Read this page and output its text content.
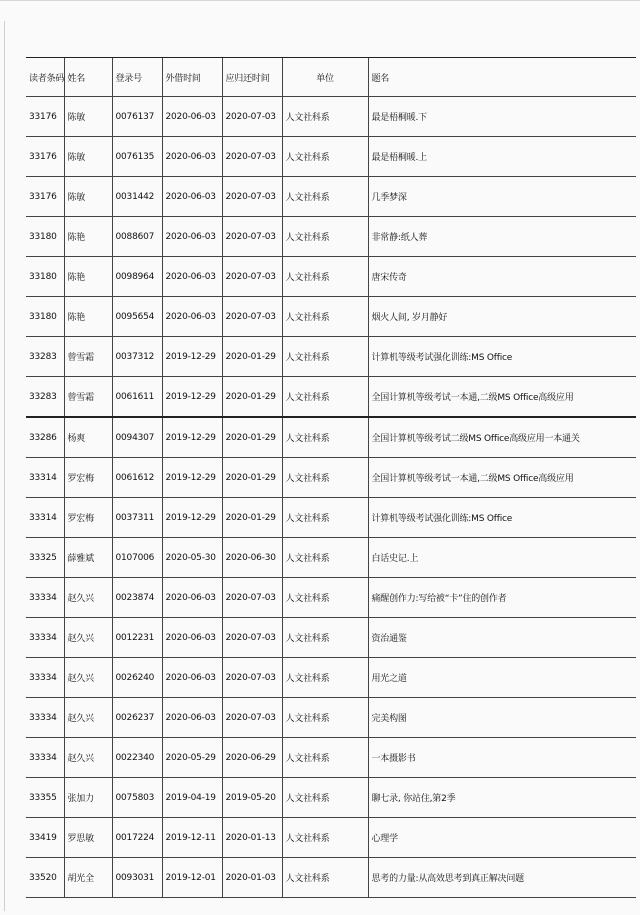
读者条码	姓名	登录号	外借时间	应归还时间	单位	题名
33176	陈敏	0076137	2020-06-03	2020-07-03	人文社科系	最是梧桐暖.下
33176	陈敏	0076135	2020-06-03	2020-07-03	人文社科系	最是梧桐暖.上
33176	陈敏	0031442	2020-06-03	2020-07-03	人文社科系	几季梦深
33180	陈艳	0088607	2020-06-03	2020-07-03	人文社科系	非常静:纸人葬
33180	陈艳	0098964	2020-06-03	2020-07-03	人文社科系	唐宋传奇
33180	陈艳	0095654	2020-06-03	2020-07-03	人文社科系	烟火人间, 岁月静好
33283	曾雪霜	0037312	2019-12-29	2020-01-29	人文社科系	计算机等级考试强化训练:MS Office
33283	曾雪霜	0061611	2019-12-29	2020-01-29	人文社科系	全国计算机等级考试一本通,二级MS Office高级应用
33286	杨爽	0094307	2019-12-29	2020-01-29	人文社科系	全国计算机等级考试二级MS Office高级应用一本通关
33314	罗宏梅	0061612	2019-12-29	2020-01-29	人文社科系	全国计算机等级考试一本通,二级MS Office高级应用
33314	罗宏梅	0037311	2019-12-29	2020-01-29	人文社科系	计算机等级考试强化训练:MS Office
33325	薛雅斌	0107006	2020-05-30	2020-06-30	人文社科系	白话史记.上
33334	赵久兴	0023874	2020-06-03	2020-07-03	人文社科系	痛醒创作力:写给被“卡”住的创作者
33334	赵久兴	0012231	2020-06-03	2020-07-03	人文社科系	资治通鉴
33334	赵久兴	0026240	2020-06-03	2020-07-03	人文社科系	用光之道
33334	赵久兴	0026237	2020-06-03	2020-07-03	人文社科系	完美构图
33334	赵久兴	0022340	2020-05-29	2020-06-29	人文社科系	一本摄影书
33355	张加力	0075803	2019-04-19	2019-05-20	人文社科系	聊七录, 你站住,第2季
33419	罗思敏	0017224	2019-12-11	2020-01-13	人文社科系	心理学
33520	胡光全	0093031	2019-12-01	2020-01-03	人文社科系	思考的力量:从高效思考到真正解决问题
